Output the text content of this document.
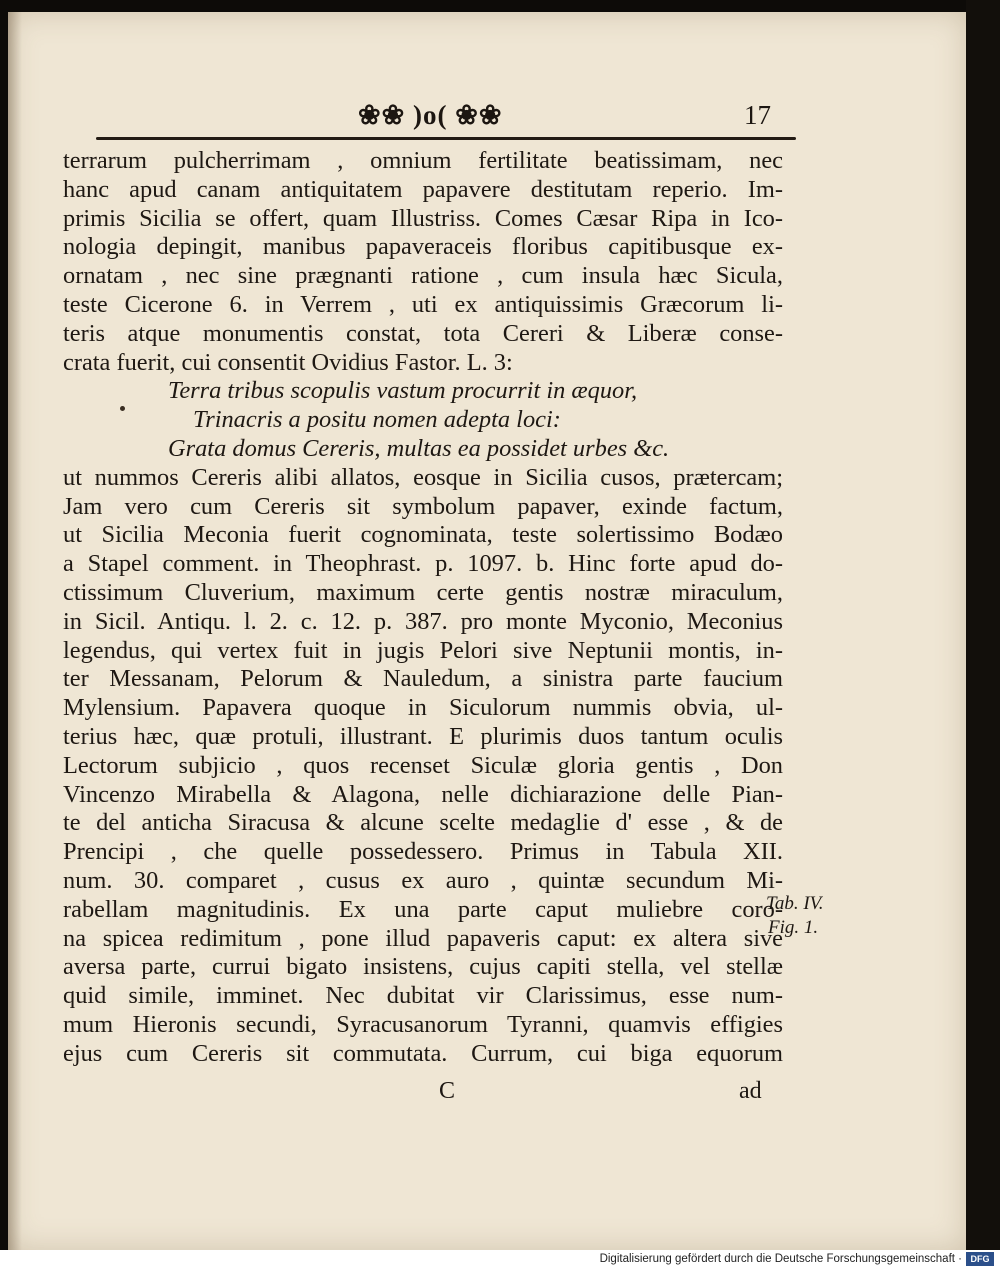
❀❀ )o( ❀❀	17
terrarum pulcherrimam , omnium fertilitate beatissimam, nec
hanc apud canam antiquitatem papavere destitutam reperio. Im-
primis Sicilia se offert, quam Illustriss. Comes Cæsar Ripa in Ico-
nologia depingit, manibus papaveraceis floribus capitibusque ex-
ornatam , nec sine prægnanti ratione , cum insula hæc Sicula,
teste Cicerone 6. in Verrem , uti ex antiquissimis Græcorum li-
teris atque monumentis constat, tota Cereri & Liberæ conse-
crata fuerit, cui consentit Ovidius Fastor. L. 3:
Terra tribus scopulis vastum procurrit in æquor,
Trinacris a positu nomen adepta loci:
Grata domus Cereris, multas ea possidet urbes &c.
ut nummos Cereris alibi allatos, eosque in Sicilia cusos, prætercam;
Jam vero cum Cereris sit symbolum papaver, exinde factum,
ut Sicilia Meconia fuerit cognominata, teste solertissimo Bodæo
a Stapel comment. in Theophrast. p. 1097. b. Hinc forte apud do-
ctissimum Cluverium, maximum certe gentis nostræ miraculum,
in Sicil. Antiqu. l. 2. c. 12. p. 387. pro monte Myconio, Meconius
legendus, qui vertex fuit in jugis Pelori sive Neptunii montis, in-
ter Messanam, Pelorum & Nauledum, a sinistra parte faucium
Mylensium. Papavera quoque in Siculorum nummis obvia, ul-
terius hæc, quæ protuli, illustrant. E plurimis duos tantum oculis
Lectorum subjicio , quos recenset Siculæ gloria gentis , Don
Vincenzo Mirabella & Alagona, nelle dichiarazione delle Pian-
te del anticha Siracusa & alcune scelte medaglie d' esse , & de
Prencipi , che quelle possedessero. Primus in Tabula XII.
num. 30. comparet , cusus ex auro , quintæ secundum Mi-
rabellam magnitudinis. Ex una parte caput muliebre coro-
na spicea redimitum , pone illud papaveris caput: ex altera sive
aversa parte, currui bigato insistens, cujus capiti stella, vel stellæ
quid simile, imminet. Nec dubitat vir Clarissimus, esse num-
mum Hieronis secundi, Syracusanorum Tyranni, quamvis effigies
ejus cum Cereris sit commutata. Currum, cui biga equorum
Tab. IV.
Fig. 1.
C	ad
Digitalisierung gefördert durch die Deutsche Forschungsgemeinschaft · DFG
